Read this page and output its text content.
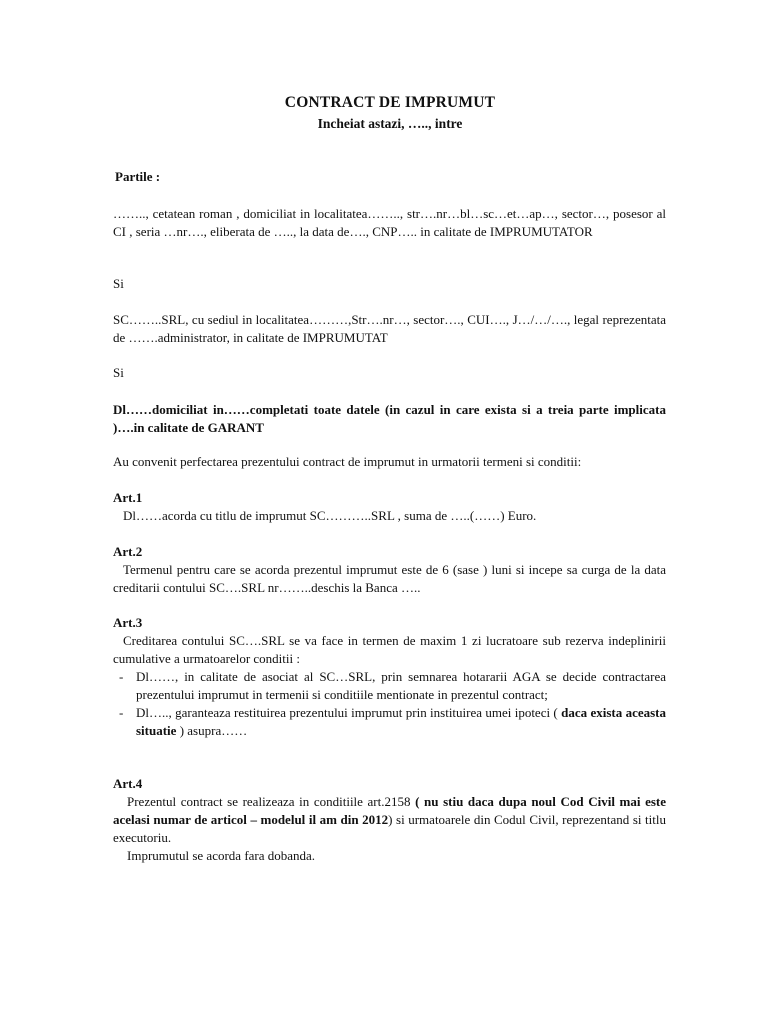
CONTRACT DE IMPRUMUT
Incheiat astazi, ….., intre
Partile :
…….., cetatean roman , domiciliat in localitatea…….., str….nr…bl…sc…et…ap…, sector…, posesor al CI , seria …nr…., eliberata de ….., la data de…., CNP….. in calitate de IMPRUMUTATOR
Si
SC……..SRL, cu sediul in localitatea………,Str….nr…, sector…., CUI…., J…/…/…., legal reprezentata de …….administrator, in calitate de IMPRUMUTAT
Si
Dl……domiciliat in……completati toate datele (in cazul in care exista si a treia parte implicata )….in calitate de GARANT
Au convenit perfectarea prezentului contract de imprumut in urmatorii termeni si conditii:
Art.1
Dl……acorda cu titlu de imprumut SC………..SRL , suma de …..(……) Euro.
Art.2
Termenul pentru care se acorda prezentul imprumut este de 6 (sase ) luni si incepe sa curga de la data creditarii contului SC….SRL nr……..deschis la Banca …..
Art.3
Creditarea contului SC….SRL se va face in termen de maxim 1 zi lucratoare sub rezerva indeplinirii cumulative a urmatoarelor conditii :
Dl……, in calitate de asociat al SC…SRL, prin semnarea hotararii AGA se decide contractarea prezentului imprumut in termenii si conditiile mentionate in prezentul contract;
Dl….., garanteaza restituirea prezentului imprumut prin instituirea umei ipoteci ( daca exista aceasta situatie ) asupra……
Art.4
Prezentul contract se realizeaza in conditiile art.2158 ( nu stiu daca dupa noul Cod Civil mai este acelasi numar de articol – modelul il am din 2012) si urmatoarele din Codul Civil, reprezentand si titlu executoriu.
Imprumutul se acorda fara dobanda.
